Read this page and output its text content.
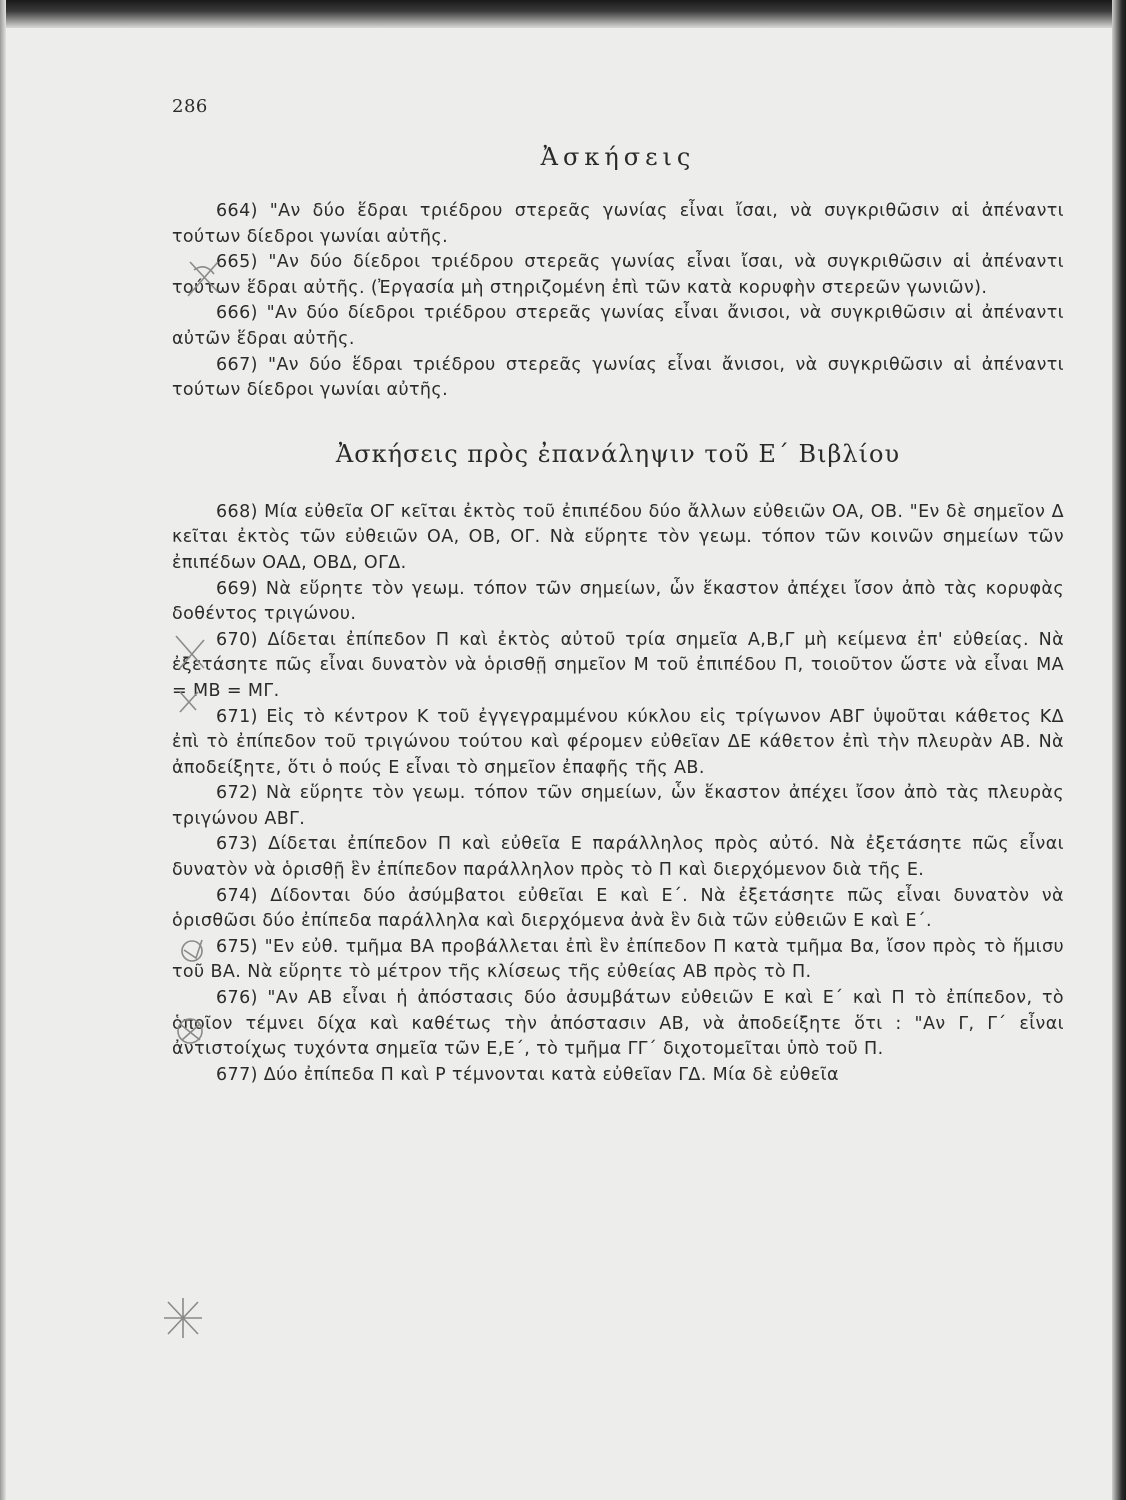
286
Ἀσκήσεις

664) "Αν δύο ἕδραι τριέδρου στερεᾶς γωνίας εἶναι ἴσαι, νὰ συγκριθῶσιν αἱ ἀπέναντι τούτων δίεδροι γωνίαι αὐτῆς.

665) "Αν δύο δίεδροι τριέδρου στερεᾶς γωνίας εἶναι ἴσαι, νὰ συγκριθῶσιν αἱ ἀπέναντι τούτων ἕδραι αὐτῆς. (Ἐργασία μὴ στηριζομένη ἐπὶ τῶν κατὰ κορυφὴν στερεῶν γωνιῶν).

666) "Αν δύο δίεδροι τριέδρου στερεᾶς γωνίας εἶναι ἄνισοι, νὰ συγκριθῶσιν αἱ ἀπέναντι αὐτῶν ἕδραι αὐτῆς.

667) "Αν δύο ἕδραι τριέδρου στερεᾶς γωνίας εἶναι ἄνισοι, νὰ συγκριθῶσιν αἱ ἀπέναντι τούτων δίεδροι γωνίαι αὐτῆς.

Ἀσκήσεις πρὸς ἐπανάληψιν τοῦ Ε΄ Βιβλίου

668) Μία εὐθεῖα ΟΓ κεῖται ἐκτὸς τοῦ ἐπιπέδου δύο ἄλλων εὐθειῶν ΟΑ, ΟΒ. "Εν δὲ σημεῖον Δ κεῖται ἐκτὸς τῶν εὐθειῶν ΟΑ, ΟΒ, ΟΓ. Νὰ εὕρητε τὸν γεωμ. τόπον τῶν κοινῶν σημείων τῶν ἐπιπέδων ΟΑΔ, ΟΒΔ, ΟΓΔ.

669) Νὰ εὕρητε τὸν γεωμ. τόπον τῶν σημείων, ὧν ἕκαστον ἀπέχει ἴσον ἀπὸ τὰς κορυφὰς δοθέντος τριγώνου.

670) Δίδεται ἐπίπεδον Π καὶ ἐκτὸς αὐτοῦ τρία σημεῖα Α,Β,Γ μὴ κείμενα ἐπ' εὐθείας. Νὰ ἐξετάσητε πῶς εἶναι δυνατὸν νὰ ὁρισθῇ σημεῖον Μ τοῦ ἐπιπέδου Π, τοιοῦτον ὥστε νὰ εἶναι ΜΑ = ΜΒ = ΜΓ.

671) Εἰς τὸ κέντρον Κ τοῦ ἐγγεγραμμένου κύκλου εἰς τρίγωνον ΑΒΓ ὑψοῦται κάθετος ΚΔ ἐπὶ τὸ ἐπίπεδον τοῦ τριγώνου τούτου καὶ φέρομεν εὐθεῖαν ΔΕ κάθετον ἐπὶ τὴν πλευρὰν ΑΒ. Νὰ ἀποδείξητε, ὅτι ὁ πούς Ε εἶναι τὸ σημεῖον ἐπαφῆς τῆς ΑΒ.

672) Νὰ εὕρητε τὸν γεωμ. τόπον τῶν σημείων, ὧν ἕκαστον ἀπέχει ἴσον ἀπὸ τὰς πλευρὰς τριγώνου ΑΒΓ.

673) Δίδεται ἐπίπεδον Π καὶ εὐθεῖα Ε παράλληλος πρὸς αὐτό. Νὰ ἐξετάσητε πῶς εἶναι δυνατὸν νὰ ὁρισθῇ ἓν ἐπίπεδον παράλληλον πρὸς τὸ Π καὶ διερχόμενον διὰ τῆς Ε.

674) Δίδονται δύο ἀσύμβατοι εὐθεῖαι Ε καὶ Ε΄. Νὰ ἐξετάσητε πῶς εἶναι δυνατὸν νὰ ὁρισθῶσι δύο ἐπίπεδα παράλληλα καὶ διερχόμενα ἀνὰ ἓν διὰ τῶν εὐθειῶν Ε καὶ Ε΄.

675) "Εν εὐθ. τμῆμα ΒΑ προβάλλεται ἐπὶ ἓν ἐπίπεδον Π κατὰ τμῆμα Βα, ἴσον πρὸς τὸ ἥμισυ τοῦ ΒΑ. Νὰ εὕρητε τὸ μέτρον τῆς κλίσεως τῆς εὐθείας ΑΒ πρὸς τὸ Π.

676) "Αν ΑΒ εἶναι ἡ ἀπόστασις δύο ἀσυμβάτων εὐθειῶν Ε καὶ Ε΄ καὶ Π τὸ ἐπίπεδον, τὸ ὁποῖον τέμνει δίχα καὶ καθέτως τὴν ἀπόστασιν ΑΒ, νὰ ἀποδείξητε ὅτι : "Αν Γ, Γ΄ εἶναι ἀντιστοίχως τυχόντα σημεῖα τῶν Ε,Ε΄, τὸ τμῆμα ΓΓ΄ διχοτομεῖται ὑπὸ τοῦ Π.

677) Δύο ἐπίπεδα Π καὶ Ρ τέμνονται κατὰ εὐθεῖαν ΓΔ. Μία δὲ εὐθεῖα
